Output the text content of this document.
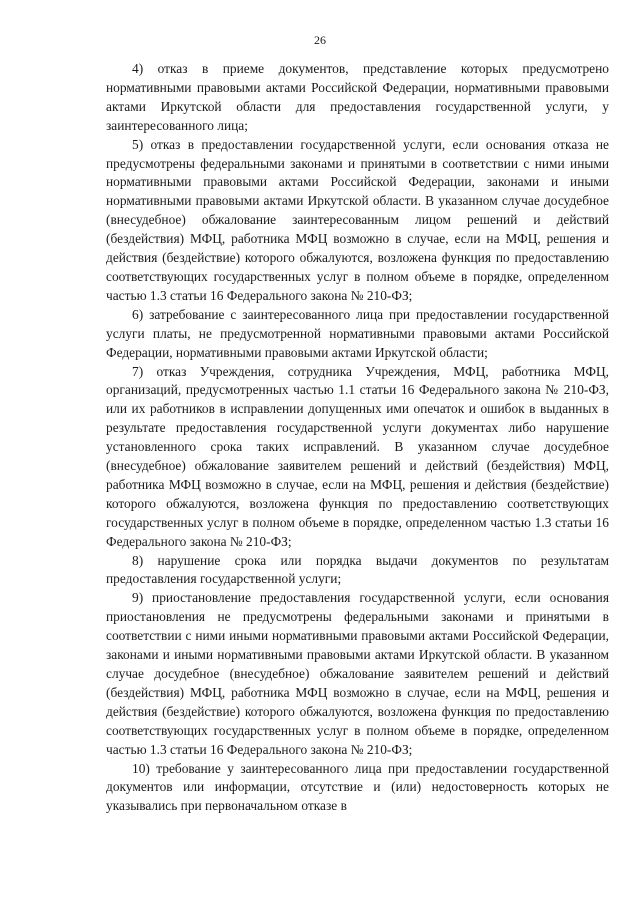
26

4) отказ в приеме документов, представление которых предусмотрено нормативными правовыми актами Российской Федерации, нормативными правовыми актами Иркутской области для предоставления государственной услуги, у заинтересованного лица;

5) отказ в предоставлении государственной услуги, если основания отказа не предусмотрены федеральными законами и принятыми в соответствии с ними иными нормативными правовыми актами Российской Федерации, законами и иными нормативными правовыми актами Иркутской области. В указанном случае досудебное (внесудебное) обжалование заинтересованным лицом решений и действий (бездействия) МФЦ, работника МФЦ возможно в случае, если на МФЦ, решения и действия (бездействие) которого обжалуются, возложена функция по предоставлению соответствующих государственных услуг в полном объеме в порядке, определенном частью 1.3 статьи 16 Федерального закона № 210-ФЗ;

6) затребование с заинтересованного лица при предоставлении государственной услуги платы, не предусмотренной нормативными правовыми актами Российской Федерации, нормативными правовыми актами Иркутской области;

7) отказ Учреждения, сотрудника Учреждения, МФЦ, работника МФЦ, организаций, предусмотренных частью 1.1 статьи 16 Федерального закона № 210-ФЗ, или их работников в исправлении допущенных ими опечаток и ошибок в выданных в результате предоставления государственной услуги документах либо нарушение установленного срока таких исправлений. В указанном случае досудебное (внесудебное) обжалование заявителем решений и действий (бездействия) МФЦ, работника МФЦ возможно в случае, если на МФЦ, решения и действия (бездействие) которого обжалуются, возложена функция по предоставлению соответствующих государственных услуг в полном объеме в порядке, определенном частью 1.3 статьи 16 Федерального закона № 210-ФЗ;

8) нарушение срока или порядка выдачи документов по результатам предоставления государственной услуги;

9) приостановление предоставления государственной услуги, если основания приостановления не предусмотрены федеральными законами и принятыми в соответствии с ними иными нормативными правовыми актами Российской Федерации, законами и иными нормативными правовыми актами Иркутской области. В указанном случае досудебное (внесудебное) обжалование заявителем решений и действий (бездействия) МФЦ, работника МФЦ возможно в случае, если на МФЦ, решения и действия (бездействие) которого обжалуются, возложена функция по предоставлению соответствующих государственных услуг в полном объеме в порядке, определенном частью 1.3 статьи 16 Федерального закона № 210-ФЗ;

10) требование у заинтересованного лица при предоставлении государственной документов или информации, отсутствие и (или) недостоверность которых не указывались при первоначальном отказе в
